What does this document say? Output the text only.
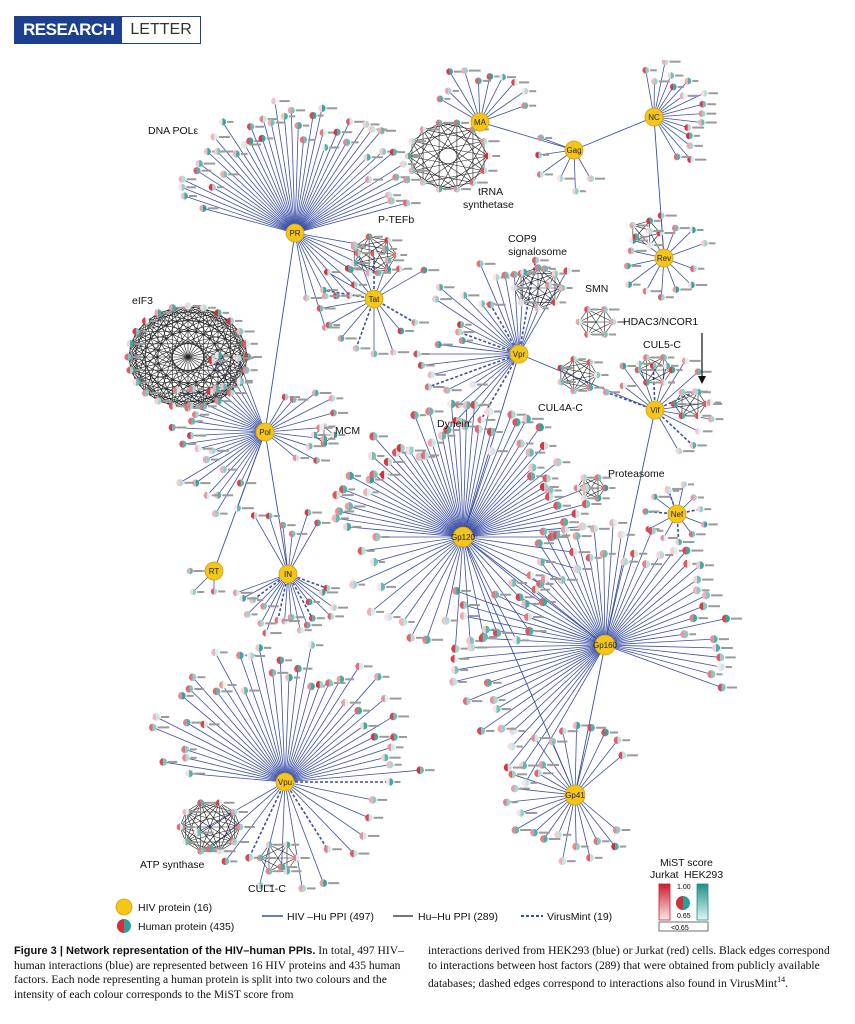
RESEARCH	LETTER
PR
Pol
IN
RT
MA
Gag
NC
Rev
Tat
Vpr
Vif
Nef
Gp120
Gp160
Gp41
Vpu
DNA POLε
tRNA
synthetase
P-TEFb
COP9
signalosome
SMN
HDAC3/NCOR1
CUL5-C
eIF3
MCM
CUL4A-C
Dynein
Proteasome
ATP synthase
CUL1-C
HIV protein (16)
Human protein (435)
HIV –Hu PPI (497)	Hu–Hu PPI (289)	VirusMint (19)
MiST score
Jurkat HEK293
1.00
0.65
<0.65
Figure 3 | Network representation of the HIV–human PPIs. In total, 497 HIV–human interactions (blue) are represented between 16 HIV proteins and 435 human factors. Each node representing a human protein is split into two colours and the intensity of each colour corresponds to the MiST score from
interactions derived from HEK293 (blue) or Jurkat (red) cells. Black edges correspond to interactions between host factors (289) that were obtained from publicly available databases; dashed edges correspond to interactions also found in VirusMint$^{14}$.
